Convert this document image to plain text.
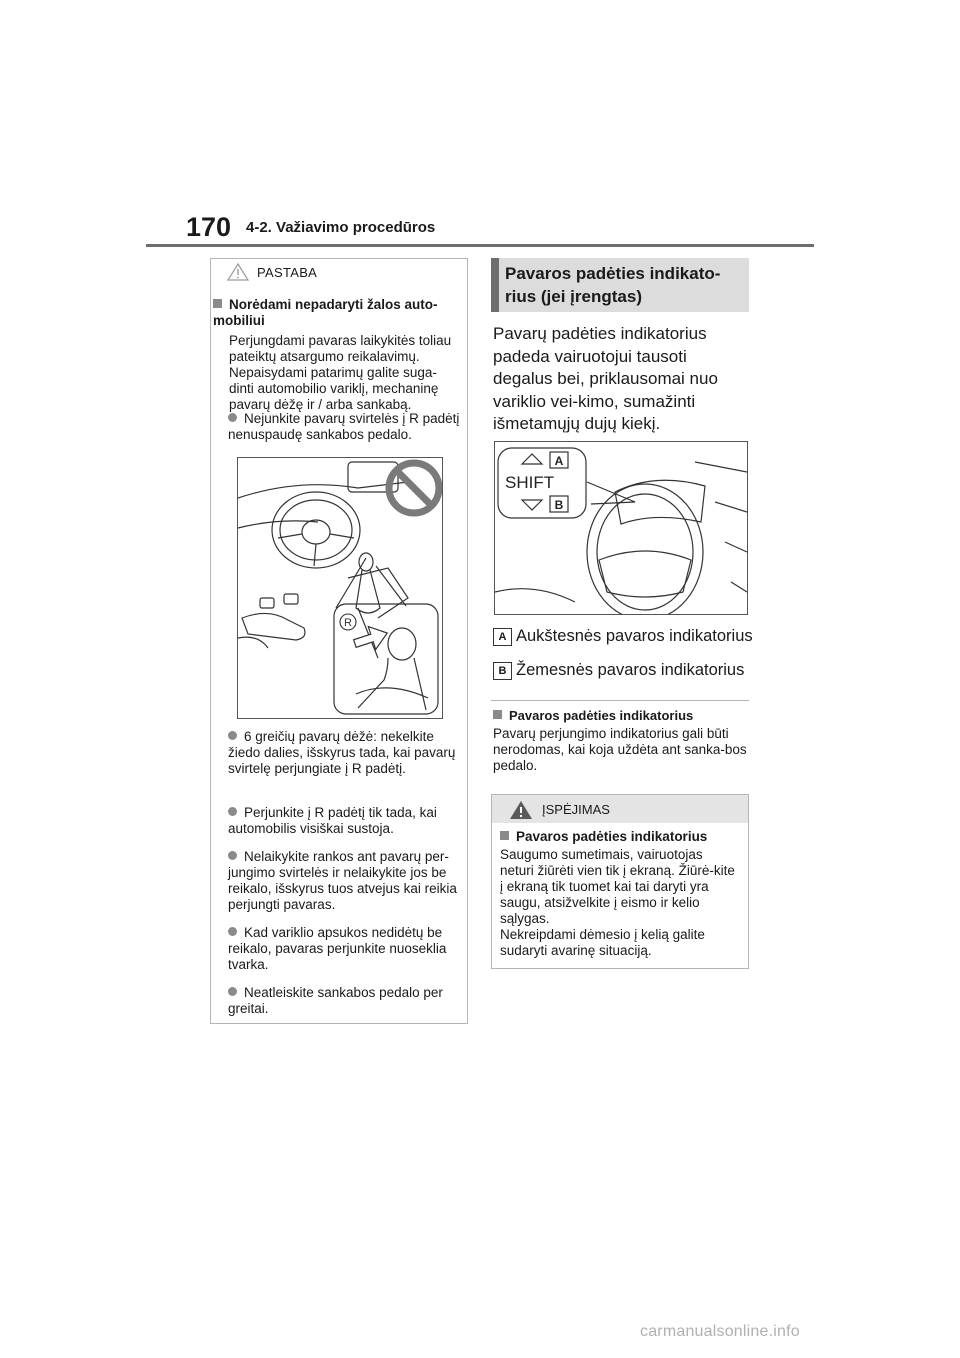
170 4-2. Važiavimo procedūros
PASTABA
Norėdami nepadaryti žalos auto-mobiliui
Perjungdami pavaras laikykitės toliau pateiktų atsargumo reikalavimų. Nepaisydami patarimų galite suga-dinti automobilio variklį, mechaninę pavarų dėžę ir / arba sankabą.
Nejunkite pavarų svirtelės į R padėtį nenuspaudę sankabos pedalo.
R
6 greičių pavarų dėžė: nekelkite žiedo dalies, išskyrus tada, kai pavarų svirtelę perjungiate į R padėtį.
Perjunkite į R padėtį tik tada, kai automobilis visiškai sustoja.
Nelaikykite rankos ant pavarų per-jungimo svirtelės ir nelaikykite jos be reikalo, išskyrus tuos atvejus kai reikia perjungti pavaras.
Kad variklio apsukos nedidėtų be reikalo, pavaras perjunkite nuoseklia tvarka.
Neatleiskite sankabos pedalo per greitai.
Pavaros padėties indikato-rius (jei įrengtas)
Pavarų padėties indikatorius padeda vairuotojui tausoti degalus bei, priklausomai nuo variklio vei-kimo, sumažinti išmetamųjų dujų kiekį.
SHIFT
A
B
A Aukštesnės pavaros indikatorius
B Žemesnės pavaros indikatorius
Pavaros padėties indikatorius
Pavarų perjungimo indikatorius gali būti nerodomas, kai koja uždėta ant sanka-bos pedalo.
ĮSPĖJIMAS
Pavaros padėties indikatorius
Saugumo sumetimais, vairuotojas neturi žiūrėti vien tik į ekraną. Žiūrė-kite į ekraną tik tuomet kai tai daryti yra saugu, atsižvelkite į eismo ir kelio sąlygas.
Nekreipdami dėmesio į kelią galite sudaryti avarinę situaciją.
carmanualsonline.info
